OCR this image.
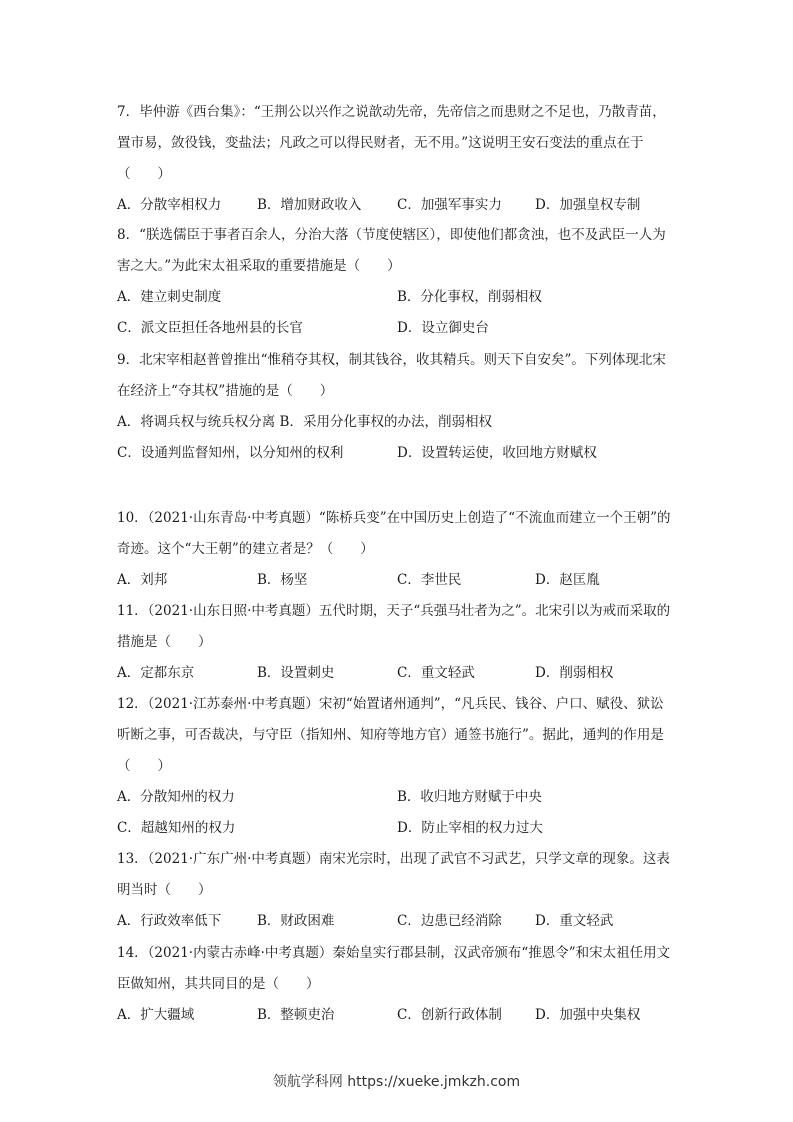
7．毕仲游《西台集》：“王荆公以兴作之说歆动先帝，先帝信之而患财之不足也，乃散青苗，置市易，敛役钱，变盐法；凡政之可以得民财者，无不用。”这说明王安石变法的重点在于（　　）

A．分散宰相权力	B．增加财政收入	C．加强军事实力 D．加强皇权专制

8．“朕选儒臣于事者百余人，分治大落（节度使辖区），即使他们都贪浊，也不及武臣一人为害之大。”为此宋太祖采取的重要措施是（　　）

A．建立刺史制度	B．分化事权，削弱相权
C．派文臣担任各地州县的长官	D．设立御史台

9．北宋宰相赵普曾推出“惟稍夺其权，制其钱谷，收其精兵。则天下自安矣”。下列体现北宋在经济上“夺其权”措施的是（　　）

A．将调兵权与统兵权分离 B．采用分化事权的办法，削弱相权
C．设通判监督知州，以分知州的权利	D．设置转运使，收回地方财赋权

10．（2021·山东青岛·中考真题）“陈桥兵变”在中国历史上创造了“不流血而建立一个王朝”的奇迹。这个“大王朝”的建立者是？（　　）

A．刘邦	B．杨坚	C．李世民	D．赵匡胤

11．（2021·山东日照·中考真题）五代时期，天子“兵强马壮者为之”。北宋引以为戒而采取的措施是（　　）

A．定都东京	B．设置刺史	C．重文轻武	D．削弱相权

12．（2021·江苏泰州·中考真题）宋初“始置诸州通判”，“凡兵民、钱谷、户口、赋役、狱讼听断之事，可否裁决，与守臣（指知州、知府等地方官）通签书施行”。据此，通判的作用是（　　）

A．分散知州的权力	B．收归地方财赋于中央
C．超越知州的权力	D．防止宰相的权力过大

13．（2021·广东广州·中考真题）南宋光宗时，出现了武官不习武艺，只学文章的现象。这表明当时（　　）

A．行政效率低下	B．财政困难	C．边患已经消除 D．重文轻武

14．（2021·内蒙古赤峰·中考真题）秦始皇实行郡县制，汉武帝颁布“推恩令”和宋太祖任用文臣做知州，其共同目的是（　　）

A．扩大疆域	B．整顿吏治	C．创新行政体制 D．加强中央集权
领航学科网 https://xueke.jmkzh.com
